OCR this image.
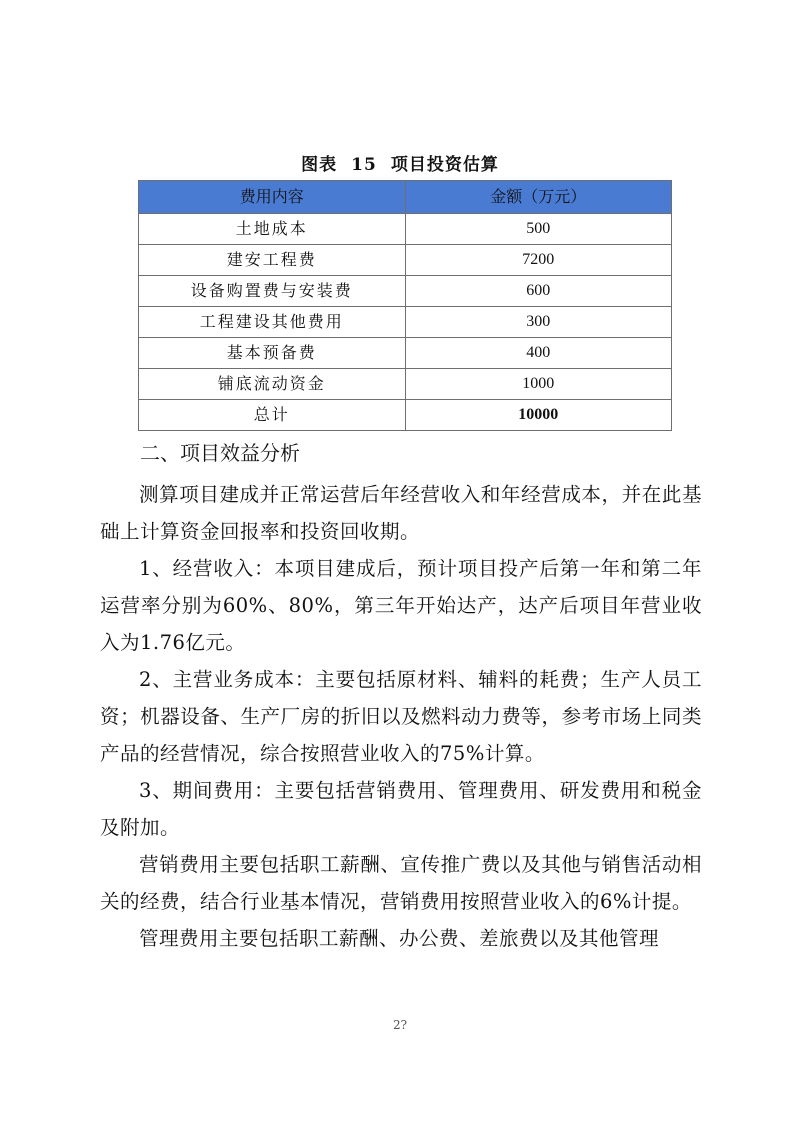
图表 15 项目投资估算
费用内容	金额（万元）
土地成本	500
建安工程费	7200
设备购置费与安装费	600
工程建设其他费用	300
基本预备费	400
铺底流动资金	1000
总计	10000
二、项目效益分析

测算项目建成并正常运营后年经营收入和年经营成本，并在此基础上计算资金回报率和投资回收期。

1、经营收入：本项目建成后，预计项目投产后第一年和第二年运营率分别为60%、80%，第三年开始达产，达产后项目年营业收入为1.76亿元。

2、主营业务成本：主要包括原材料、辅料的耗费；生产人员工资；机器设备、生产厂房的折旧以及燃料动力费等，参考市场上同类产品的经营情况，综合按照营业收入的75%计算。

3、期间费用：主要包括营销费用、管理费用、研发费用和税金及附加。

营销费用主要包括职工薪酬、宣传推广费以及其他与销售活动相关的经费，结合行业基本情况，营销费用按照营业收入的6%计提。

管理费用主要包括职工薪酬、办公费、差旅费以及其他管理

2?
